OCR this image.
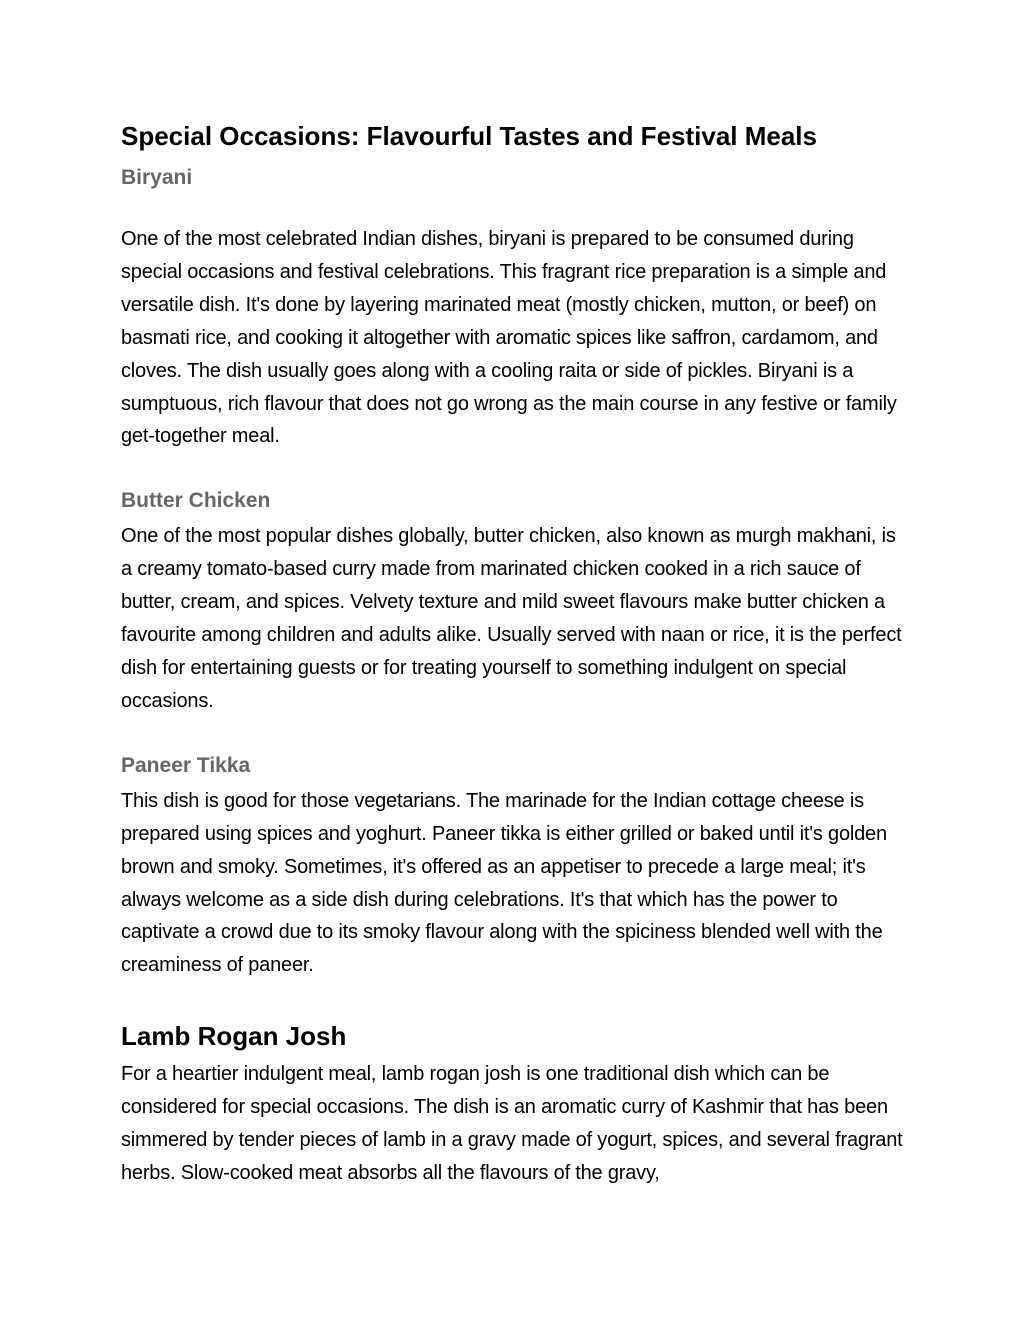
Special Occasions: Flavourful Tastes and Festival Meals
Biryani

One of the most celebrated Indian dishes, biryani is prepared to be consumed during special occasions and festival celebrations. This fragrant rice preparation is a simple and versatile dish. It's done by layering marinated meat (mostly chicken, mutton, or beef) on basmati rice, and cooking it altogether with aromatic spices like saffron, cardamom, and cloves. The dish usually goes along with a cooling raita or side of pickles. Biryani is a sumptuous, rich flavour that does not go wrong as the main course in any festive or family get-together meal.

Butter Chicken

One of the most popular dishes globally, butter chicken, also known as murgh makhani, is a creamy tomato-based curry made from marinated chicken cooked in a rich sauce of butter, cream, and spices. Velvety texture and mild sweet flavours make butter chicken a favourite among children and adults alike. Usually served with naan or rice, it is the perfect dish for entertaining guests or for treating yourself to something indulgent on special occasions.

Paneer Tikka

This dish is good for those vegetarians. The marinade for the Indian cottage cheese is prepared using spices and yoghurt. Paneer tikka is either grilled or baked until it's golden brown and smoky. Sometimes, it's offered as an appetiser to precede a large meal; it's always welcome as a side dish during celebrations. It's that which has the power to captivate a crowd due to its smoky flavour along with the spiciness blended well with the creaminess of paneer.

Lamb Rogan Josh

For a heartier indulgent meal, lamb rogan josh is one traditional dish which can be considered for special occasions. The dish is an aromatic curry of Kashmir that has been simmered by tender pieces of lamb in a gravy made of yogurt, spices, and several fragrant herbs. Slow-cooked meat absorbs all the flavours of the gravy,
